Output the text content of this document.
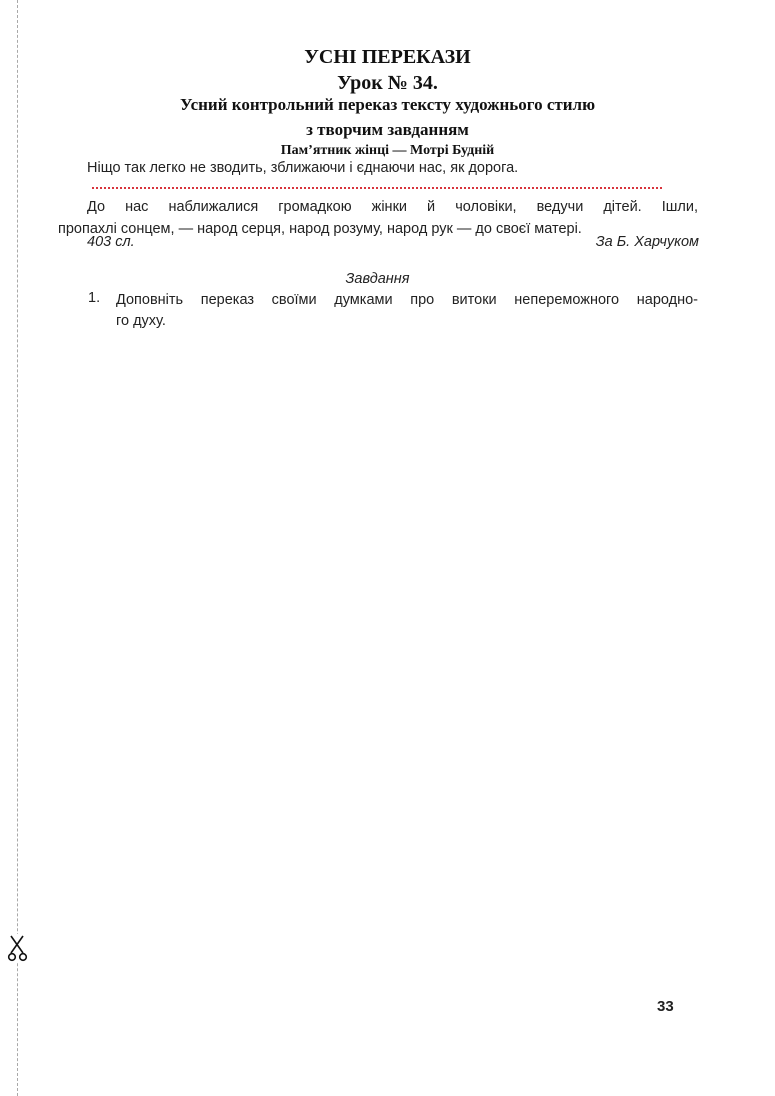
УСНІ ПЕРЕКАЗИ
Урок № 34.
Усний контрольний переказ тексту художнього стилю
з творчим завданням
Пам’ятник жінці — Мотрі Будній
Ніщо так легко не зводить, зближаючи і єднаючи нас, як дорога.
До нас наближалися громадкою жінки й чоловіки, ведучи дітей. Ішли,
пропахлі сонцем, — народ серця, народ розуму, народ рук — до своєї матері.
403 сл.	За Б. Харчуком
Завдання
1. Доповніть переказ своїми думками про витоки непереможного народно-
го духу.
33
